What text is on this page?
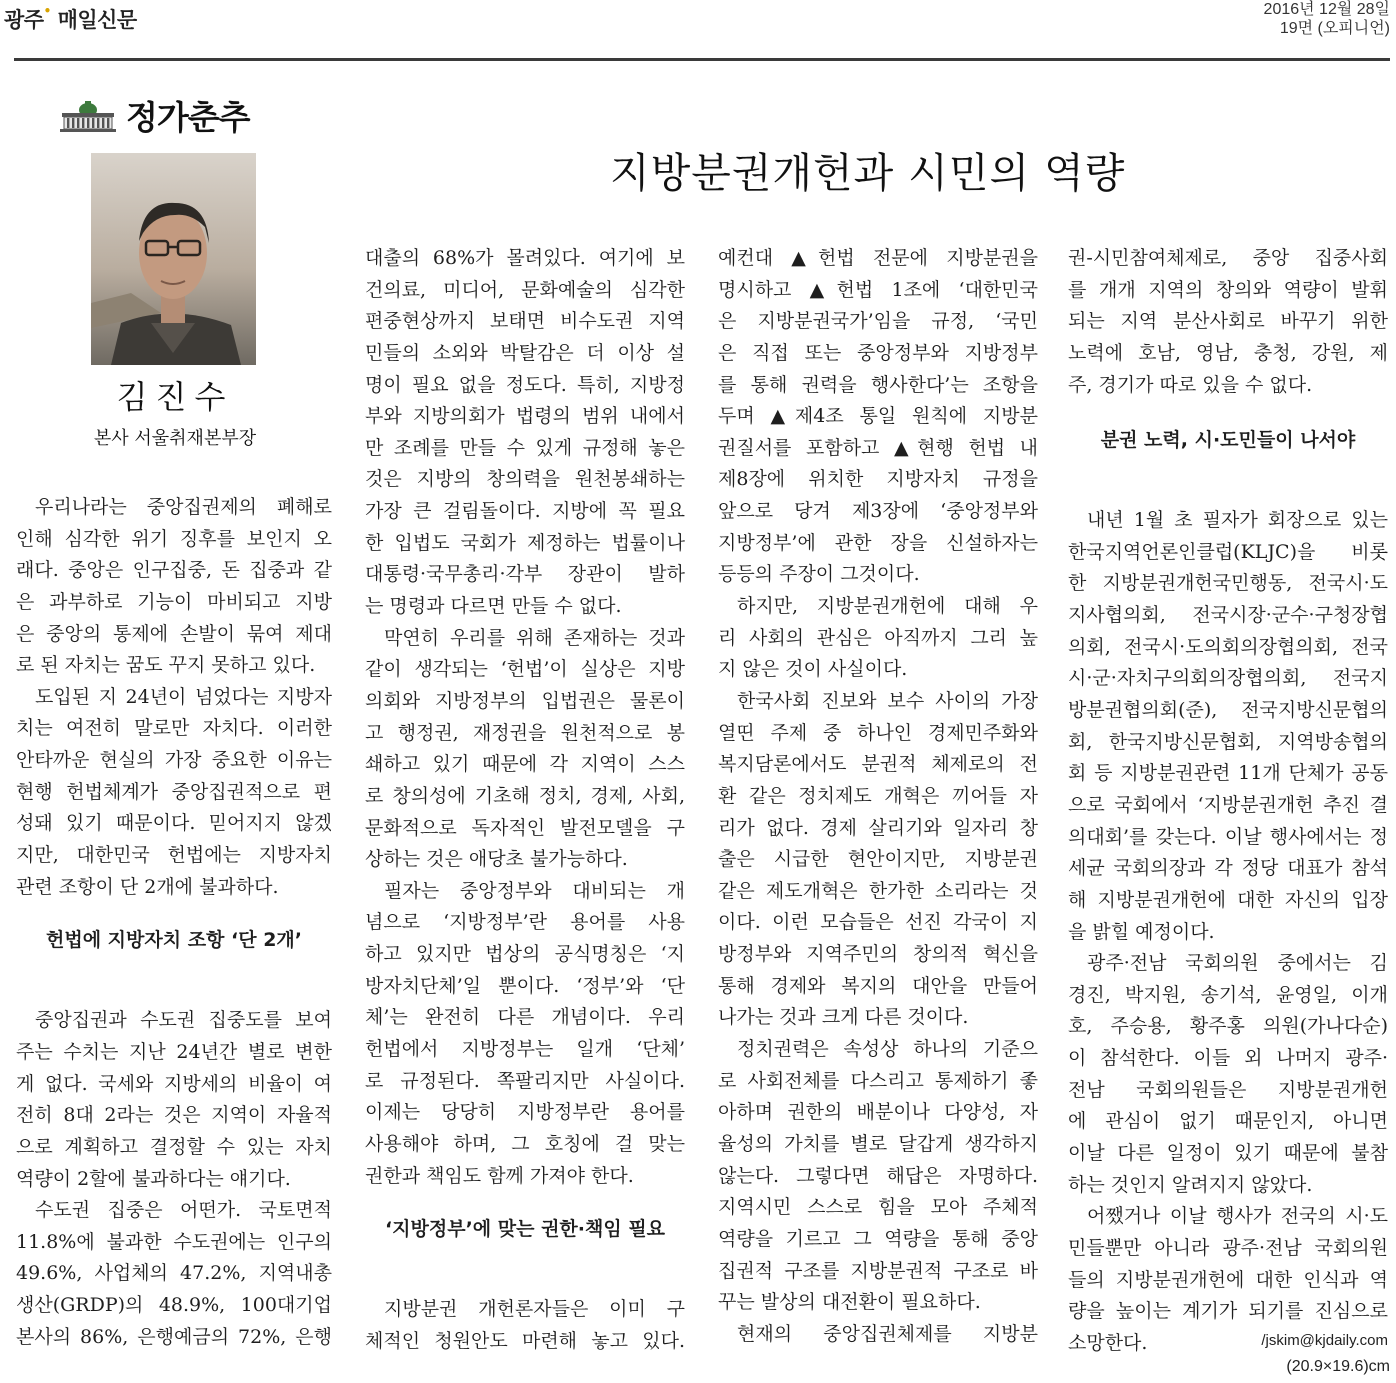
광주• 매일신문	2016년 12월 28일
19면 (오피니언)
정가춘추
지방분권개헌과 시민의 역량
김진수
본사 서울취재본부장
우리나라는 중앙집권제의 폐해로
인해 심각한 위기 징후를 보인지 오
래다. 중앙은 인구집중, 돈 집중과 같
은 과부하로 기능이 마비되고 지방
은 중앙의 통제에 손발이 묶여 제대
로 된 자치는 꿈도 꾸지 못하고 있다.
도입된 지 24년이 넘었다는 지방자
치는 여전히 말로만 자치다. 이러한
안타까운 현실의 가장 중요한 이유는
현행 헌법체계가 중앙집권적으로 편
성돼 있기 때문이다. 믿어지지 않겠
지만, 대한민국 헌법에는 지방자치
관련 조항이 단 2개에 불과하다.
헌법에 지방자치 조항 ‘단 2개’
중앙집권과 수도권 집중도를 보여
주는 수치는 지난 24년간 별로 변한
게 없다. 국세와 지방세의 비율이 여
전히 8대 2라는 것은 지역이 자율적
으로 계획하고 결정할 수 있는 자치
역량이 2할에 불과하다는 얘기다.
수도권 집중은 어떤가. 국토면적
11.8%에 불과한 수도권에는 인구의
49.6%, 사업체의 47.2%, 지역내총
생산(GRDP)의 48.9%, 100대기업
본사의 86%, 은행예금의 72%, 은행
대출의 68%가 몰려있다. 여기에 보
건의료, 미디어, 문화예술의 심각한
편중현상까지 보태면 비수도권 지역
민들의 소외와 박탈감은 더 이상 설
명이 필요 없을 정도다. 특히, 지방정
부와 지방의회가 법령의 범위 내에서
만 조례를 만들 수 있게 규정해 놓은
것은 지방의 창의력을 원천봉쇄하는
가장 큰 걸림돌이다. 지방에 꼭 필요
한 입법도 국회가 제정하는 법률이나
대통령·국무총리·각부 장관이 발하
는 명령과 다르면 만들 수 없다.
막연히 우리를 위해 존재하는 것과
같이 생각되는 ‘헌법’이 실상은 지방
의회와 지방정부의 입법권은 물론이
고 행정권, 재정권을 원천적으로 봉
쇄하고 있기 때문에 각 지역이 스스
로 창의성에 기초해 정치, 경제, 사회,
문화적으로 독자적인 발전모델을 구
상하는 것은 애당초 불가능하다.
필자는 중앙정부와 대비되는 개
념으로 ‘지방정부’란 용어를 사용
하고 있지만 법상의 공식명칭은 ‘지
방자치단체’일 뿐이다. ‘정부’와 ‘단
체’는 완전히 다른 개념이다. 우리
헌법에서 지방정부는 일개 ‘단체’
로 규정된다. 쪽팔리지만 사실이다.
이제는 당당히 지방정부란 용어를
사용해야 하며, 그 호칭에 걸 맞는
권한과 책임도 함께 가져야 한다.
‘지방정부’에 맞는 권한·책임 필요
지방분권 개헌론자들은 이미 구
체적인 청원안도 마련해 놓고 있다.
예컨대 ▲헌법 전문에 지방분권을
명시하고 ▲헌법 1조에 ‘대한민국
은 지방분권국가’임을 규정, ‘국민
은 직접 또는 중앙정부와 지방정부
를 통해 권력을 행사한다’는 조항을
두며 ▲제4조 통일 원칙에 지방분
권질서를 포함하고 ▲현행 헌법 내
제8장에 위치한 지방자치 규정을
앞으로 당겨 제3장에 ‘중앙정부와
지방정부’에 관한 장을 신설하자는
등등의 주장이 그것이다.
하지만, 지방분권개헌에 대해 우
리 사회의 관심은 아직까지 그리 높
지 않은 것이 사실이다.
한국사회 진보와 보수 사이의 가장
열띤 주제 중 하나인 경제민주화와
복지담론에서도 분권적 체제로의 전
환 같은 정치제도 개혁은 끼어들 자
리가 없다. 경제 살리기와 일자리 창
출은 시급한 현안이지만, 지방분권
같은 제도개혁은 한가한 소리라는 것
이다. 이런 모습들은 선진 각국이 지
방정부와 지역주민의 창의적 혁신을
통해 경제와 복지의 대안을 만들어
나가는 것과 크게 다른 것이다.
정치권력은 속성상 하나의 기준으
로 사회전체를 다스리고 통제하기 좋
아하며 권한의 배분이나 다양성, 자
율성의 가치를 별로 달갑게 생각하지
않는다. 그렇다면 해답은 자명하다.
지역시민 스스로 힘을 모아 주체적
역량을 기르고 그 역량을 통해 중앙
집권적 구조를 지방분권적 구조로 바
꾸는 발상의 대전환이 필요하다.
현재의 중앙집권체제를 지방분
권-시민참여체제로, 중앙 집중사회
를 개개 지역의 창의와 역량이 발휘
되는 지역 분산사회로 바꾸기 위한
노력에 호남, 영남, 충청, 강원, 제
주, 경기가 따로 있을 수 없다.
분권 노력, 시·도민들이 나서야
내년 1월 초 필자가 회장으로 있는
한국지역언론인클럽(KLJC)을 비롯
한 지방분권개헌국민행동, 전국시·도
지사협의회, 전국시장·군수·구청장협
의회, 전국시·도의회의장협의회, 전국
시·군·자치구의회의장협의회, 전국지
방분권협의회(준), 전국지방신문협의
회, 한국지방신문협회, 지역방송협의
회 등 지방분권관련 11개 단체가 공동
으로 국회에서 ‘지방분권개헌 추진 결
의대회’를 갖는다. 이날 행사에서는 정
세균 국회의장과 각 정당 대표가 참석
해 지방분권개헌에 대한 자신의 입장
을 밝힐 예정이다.
광주·전남 국회의원 중에서는 김
경진, 박지원, 송기석, 윤영일, 이개
호, 주승용, 황주홍 의원(가나다순)
이 참석한다. 이들 외 나머지 광주·
전남 국회의원들은 지방분권개헌
에 관심이 없기 때문인지, 아니면
이날 다른 일정이 있기 때문에 불참
하는 것인지 알려지지 않았다.
어쨌거나 이날 행사가 전국의 시·도
민들뿐만 아니라 광주·전남 국회의원
들의 지방분권개헌에 대한 인식과 역
량을 높이는 계기가 되기를 진심으로
소망한다.	/jskim@kjdaily.com
(20.9×19.6)cm
